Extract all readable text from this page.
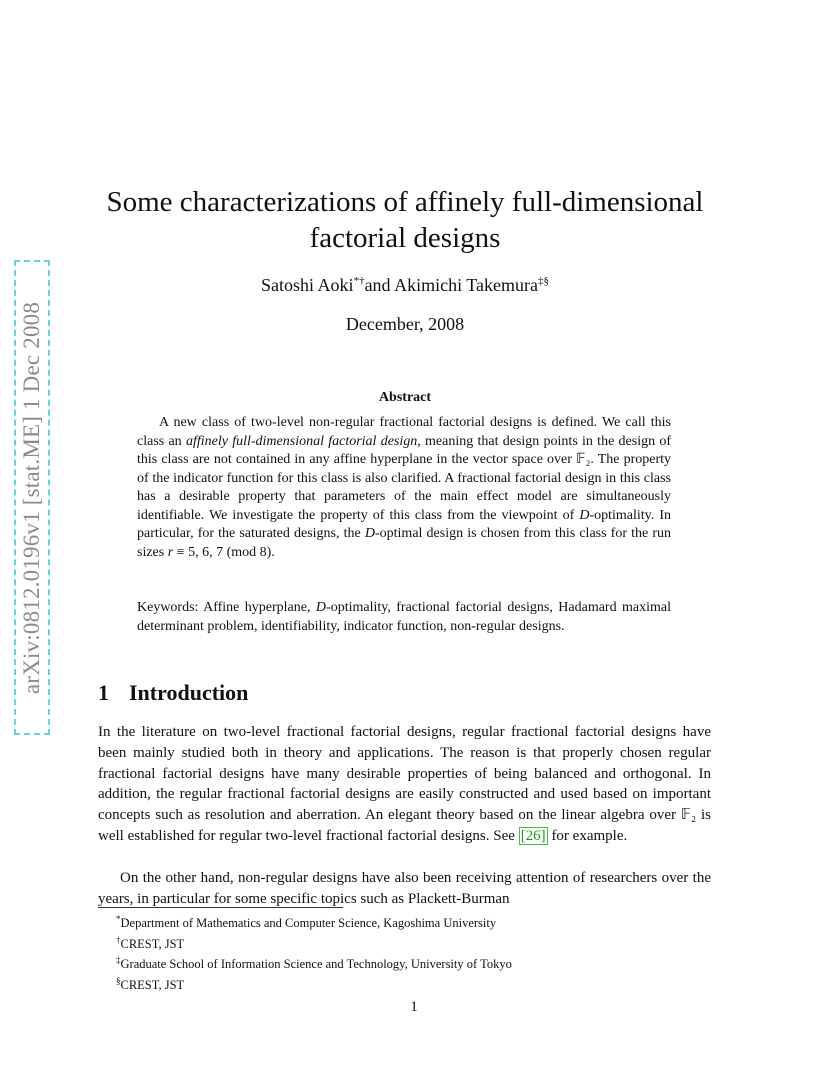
arXiv:0812.0196v1 [stat.ME] 1 Dec 2008
Some characterizations of affinely full-dimensional
factorial designs
Satoshi Aoki*†and Akimichi Takemura‡§
December, 2008
Abstract

A new class of two-level non-regular fractional factorial designs is defined. We call this class an affinely full-dimensional factorial design, meaning that design points in the design of this class are not contained in any affine hyperplane in the vector space over 𝔽₂. The property of the indicator function for this class is also clarified. A fractional factorial design in this class has a desirable property that parameters of the main effect model are simultaneously identifiable. We investigate the property of this class from the viewpoint of D-optimality. In particular, for the saturated designs, the D-optimal design is chosen from this class for the run sizes r ≡ 5, 6, 7 (mod 8).

Keywords: Affine hyperplane, D-optimality, fractional factorial designs, Hadamard maximal determinant problem, identifiability, indicator function, non-regular designs.

1 Introduction

In the literature on two-level fractional factorial designs, regular fractional factorial designs have been mainly studied both in theory and applications. The reason is that properly chosen regular fractional factorial designs have many desirable properties of being balanced and orthogonal. In addition, the regular fractional factorial designs are easily constructed and used based on important concepts such as resolution and aberration. An elegant theory based on the linear algebra over 𝔽₂ is well established for regular two-level fractional factorial designs. See [26] for example.

On the other hand, non-regular designs have also been receiving attention of researchers over the years, in particular for some specific topics such as Plackett-Burman

*Department of Mathematics and Computer Science, Kagoshima University
†CREST, JST
‡Graduate School of Information Science and Technology, University of Tokyo
§CREST, JST
1
